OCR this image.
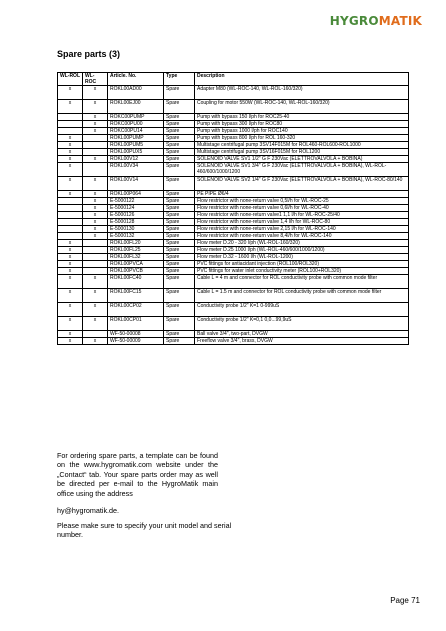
HYGROMATIK
Spare parts (3)
WL-ROL	WL-ROC	Article. No.	Type	Description
x	x	ROKL00AD00	Spare	Adapter M80 (WL-ROC-140, WL-ROL-160/320)
x	x	ROKL00EJ00	Spare	Coupling for motor 550W (WL-ROC-140, WL-ROL-160/320)
	x	ROKC00PUMP	Spare	Pump with bypass 150 l/ph for ROC25-40
	x	ROKC00PU00	Spare	Pump with bypass 300 l/ph for ROC80
	x	ROKC00PU14	Spare	Pump with bypass 1000 l/ph for ROC140
x		ROKL00PUMP	Spare	Pump with bypass 800 l/ph for ROL 160-320
x		ROKL00PUM5	Spare	Multistage centrifugal pump 3SV14F015M for ROL460-ROL600-ROL1000
x		ROKL00PUX5	Spare	Multistage centrifugal pump 3SV16F015M for ROL1200
x	x	ROKL00V12	Spare	SOLENOID VALVE SV1 1/2" G F 230Vac (ELETTROVALVOLA + BOBINA)
x		ROKL00V34	Spare	SOLENOID VALVE SV1 3/4" G F 230Vac (ELETTROVALVOLA + BOBINA), WL-ROL-460/600/1000/1200
x	x	ROKL00V14	Spare	SOLENOID VALVE SV2 1/4" G F 230Vac (ELETTROVALVOLA + BOBINA), WL-ROC-80/140
x	x	ROKL00P064	Spare	PE PIPE Ø6/4
	x	E-5000122	Spare	Flow restrictor with none-return valve 0,5l/h for WL-ROC-25
	x	E-5000124	Spare	Flow restrictor with none-return valve 0,6l/h for WL-ROC-40
	x	E-5000126	Spare	Flow restrictor with none-return valve1 1,1 l/h for WL-ROC-25/40
	x	E-5000128	Spare	Flow restrictor with none-return valve 1,4 l/h for WL-ROC-80
	x	E-5000130	Spare	Flow restrictor with none-return valve 2,15 l/h for WL-ROC-140
	x	E-5000132	Spare	Flow restrictor with none-return valve 8,4l/h for WL-ROC-140
x		ROKL00FL20	Spare	Flow meter D.20 - 320 l/ph (WL-ROL-160/320)
x		ROKL00FL25	Spare	Flow meter D.25 1000 l/ph (WL-ROL-460/600/1000/1200)
x		ROKL00FL32	Spare	Flow meter D.32 - 1600 l/h (WL-ROL-1200)
x		ROKL00PVCA	Spare	PVC fittings for antiacidant injection (ROL100/ROL320)
x		ROKL00PVCB	Spare	PVC fittings for water inlet conductivity meter (ROL100+ROL320)
x	x	ROKL00FC40	Spare	Cable L = 4 m and connector for ROL conductivity probe with common mode filter
x	x	ROKL00FC15	Spare	Cable L = 1.5 m and connector for ROL conductivity probe with common mode filter
x	x	ROKL00CP02	Spare	Conductivity probe 1/2" K=1 0-999uS
x	x	ROKL00CP01	Spare	Conductivity probe 1/2" K=0,1 0,0...99,9uS
x		WF-50-00008	Spare	Ball valve 3/4", two-part, DVGW
x	x	WF-50-00009	Spare	Freeflow valve 3/4", brass, DVGW
For ordering spare parts, a template can be found on the www.hygromatik.com website under the „Contact“ tab. Your spare parts order may as well be directed per e-mail to the HygroMatik main office using the address
hy@hygromatik.de.
Please make sure to specify your unit model and serial number.
Page 71
